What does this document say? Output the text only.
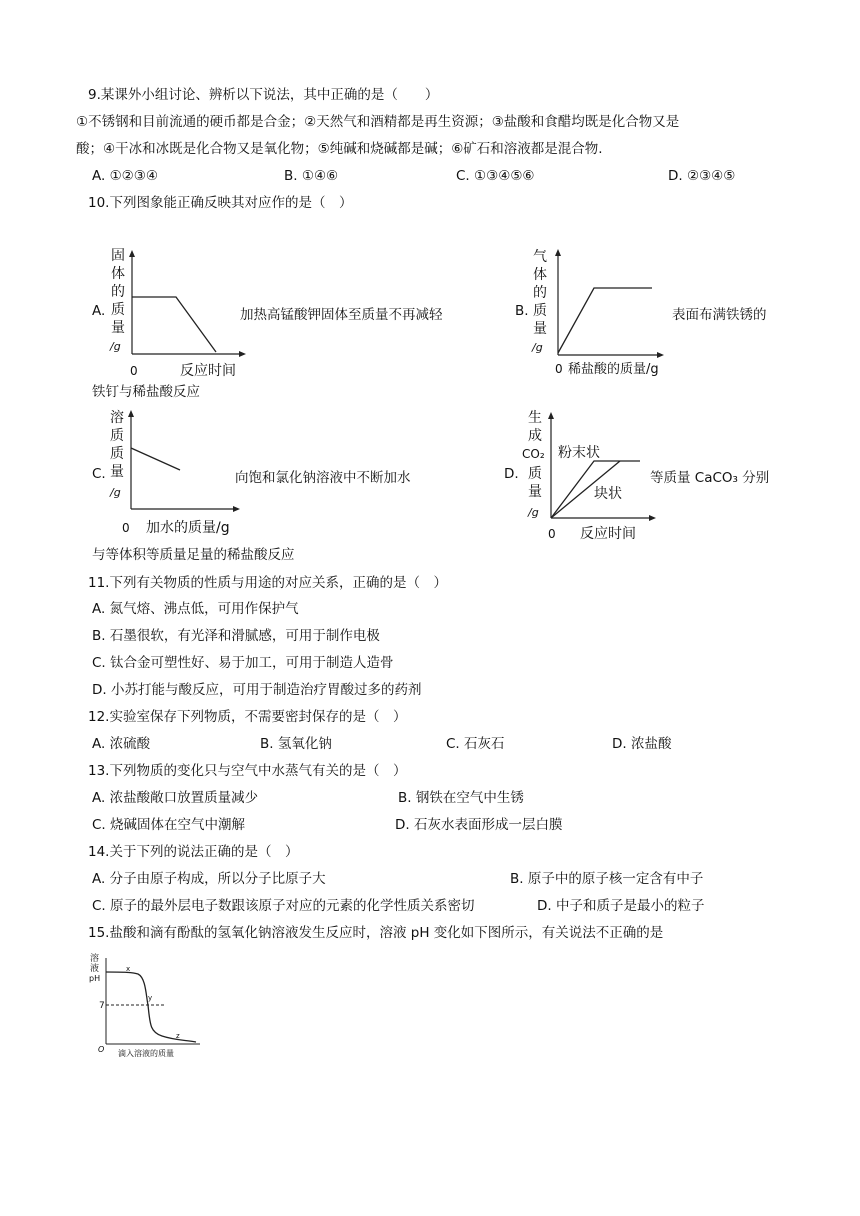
9.某课外小组讨论、辨析以下说法，其中正确的是（　　）
①不锈钢和目前流通的硬币都是合金；②天然气和酒精都是再生资源；③盐酸和食醋均既是化合物又是
酸；④干冰和冰既是化合物又是氧化物；⑤纯碱和烧碱都是碱；⑥矿石和溶液都是混合物.
A. ①②③④	B. ①④⑥	C. ①③④⑤⑥	D. ②③④⑤
10.下列图象能正确反映其对应作的是（　）
A.
固
体
的
质
量
/g
0	反应时间
加热高锰酸钾固体至质量不再减轻	B.
气
体
的
质
量
/g
0 稀盐酸的质量/g
表面布满铁锈的
铁钉与稀盐酸反应
C.
溶
质
质
量
/g
0 加水的质量/g
向饱和氯化钠溶液中不断加水	D.
生
成
CO₂
质
量
/g
粉末状
块状
0 反应时间
等质量 CaCO₃ 分别
与等体积等质量足量的稀盐酸反应
11.下列有关物质的性质与用途的对应关系，正确的是（　）
A. 氮气熔、沸点低，可用作保护气
B. 石墨很软，有光泽和滑腻感，可用于制作电极
C. 钛合金可塑性好、易于加工，可用于制造人造骨
D. 小苏打能与酸反应，可用于制造治疗胃酸过多的药剂
12.实验室保存下列物质，不需要密封保存的是（　）
A. 浓硫酸	B. 氢氧化钠	C. 石灰石	D. 浓盐酸
13.下列物质的变化只与空气中水蒸气有关的是（　）
A. 浓盐酸敞口放置质量减少	B. 钢铁在空气中生锈
C. 烧碱固体在空气中潮解	D. 石灰水表面形成一层白膜
14.关于下列的说法正确的是（　）
A. 分子由原子构成，所以分子比原子大	B. 原子中的原子核一定含有中子
C. 原子的最外层电子数跟该原子对应的元素的化学性质关系密切	D. 中子和质子是最小的粒子
15.盐酸和滴有酚酞的氢氧化钠溶液发生反应时，溶液 pH 变化如下图所示，有关说法不正确的是
溶
液
pH
7
x
y
z
O 滴入溶液的质量
